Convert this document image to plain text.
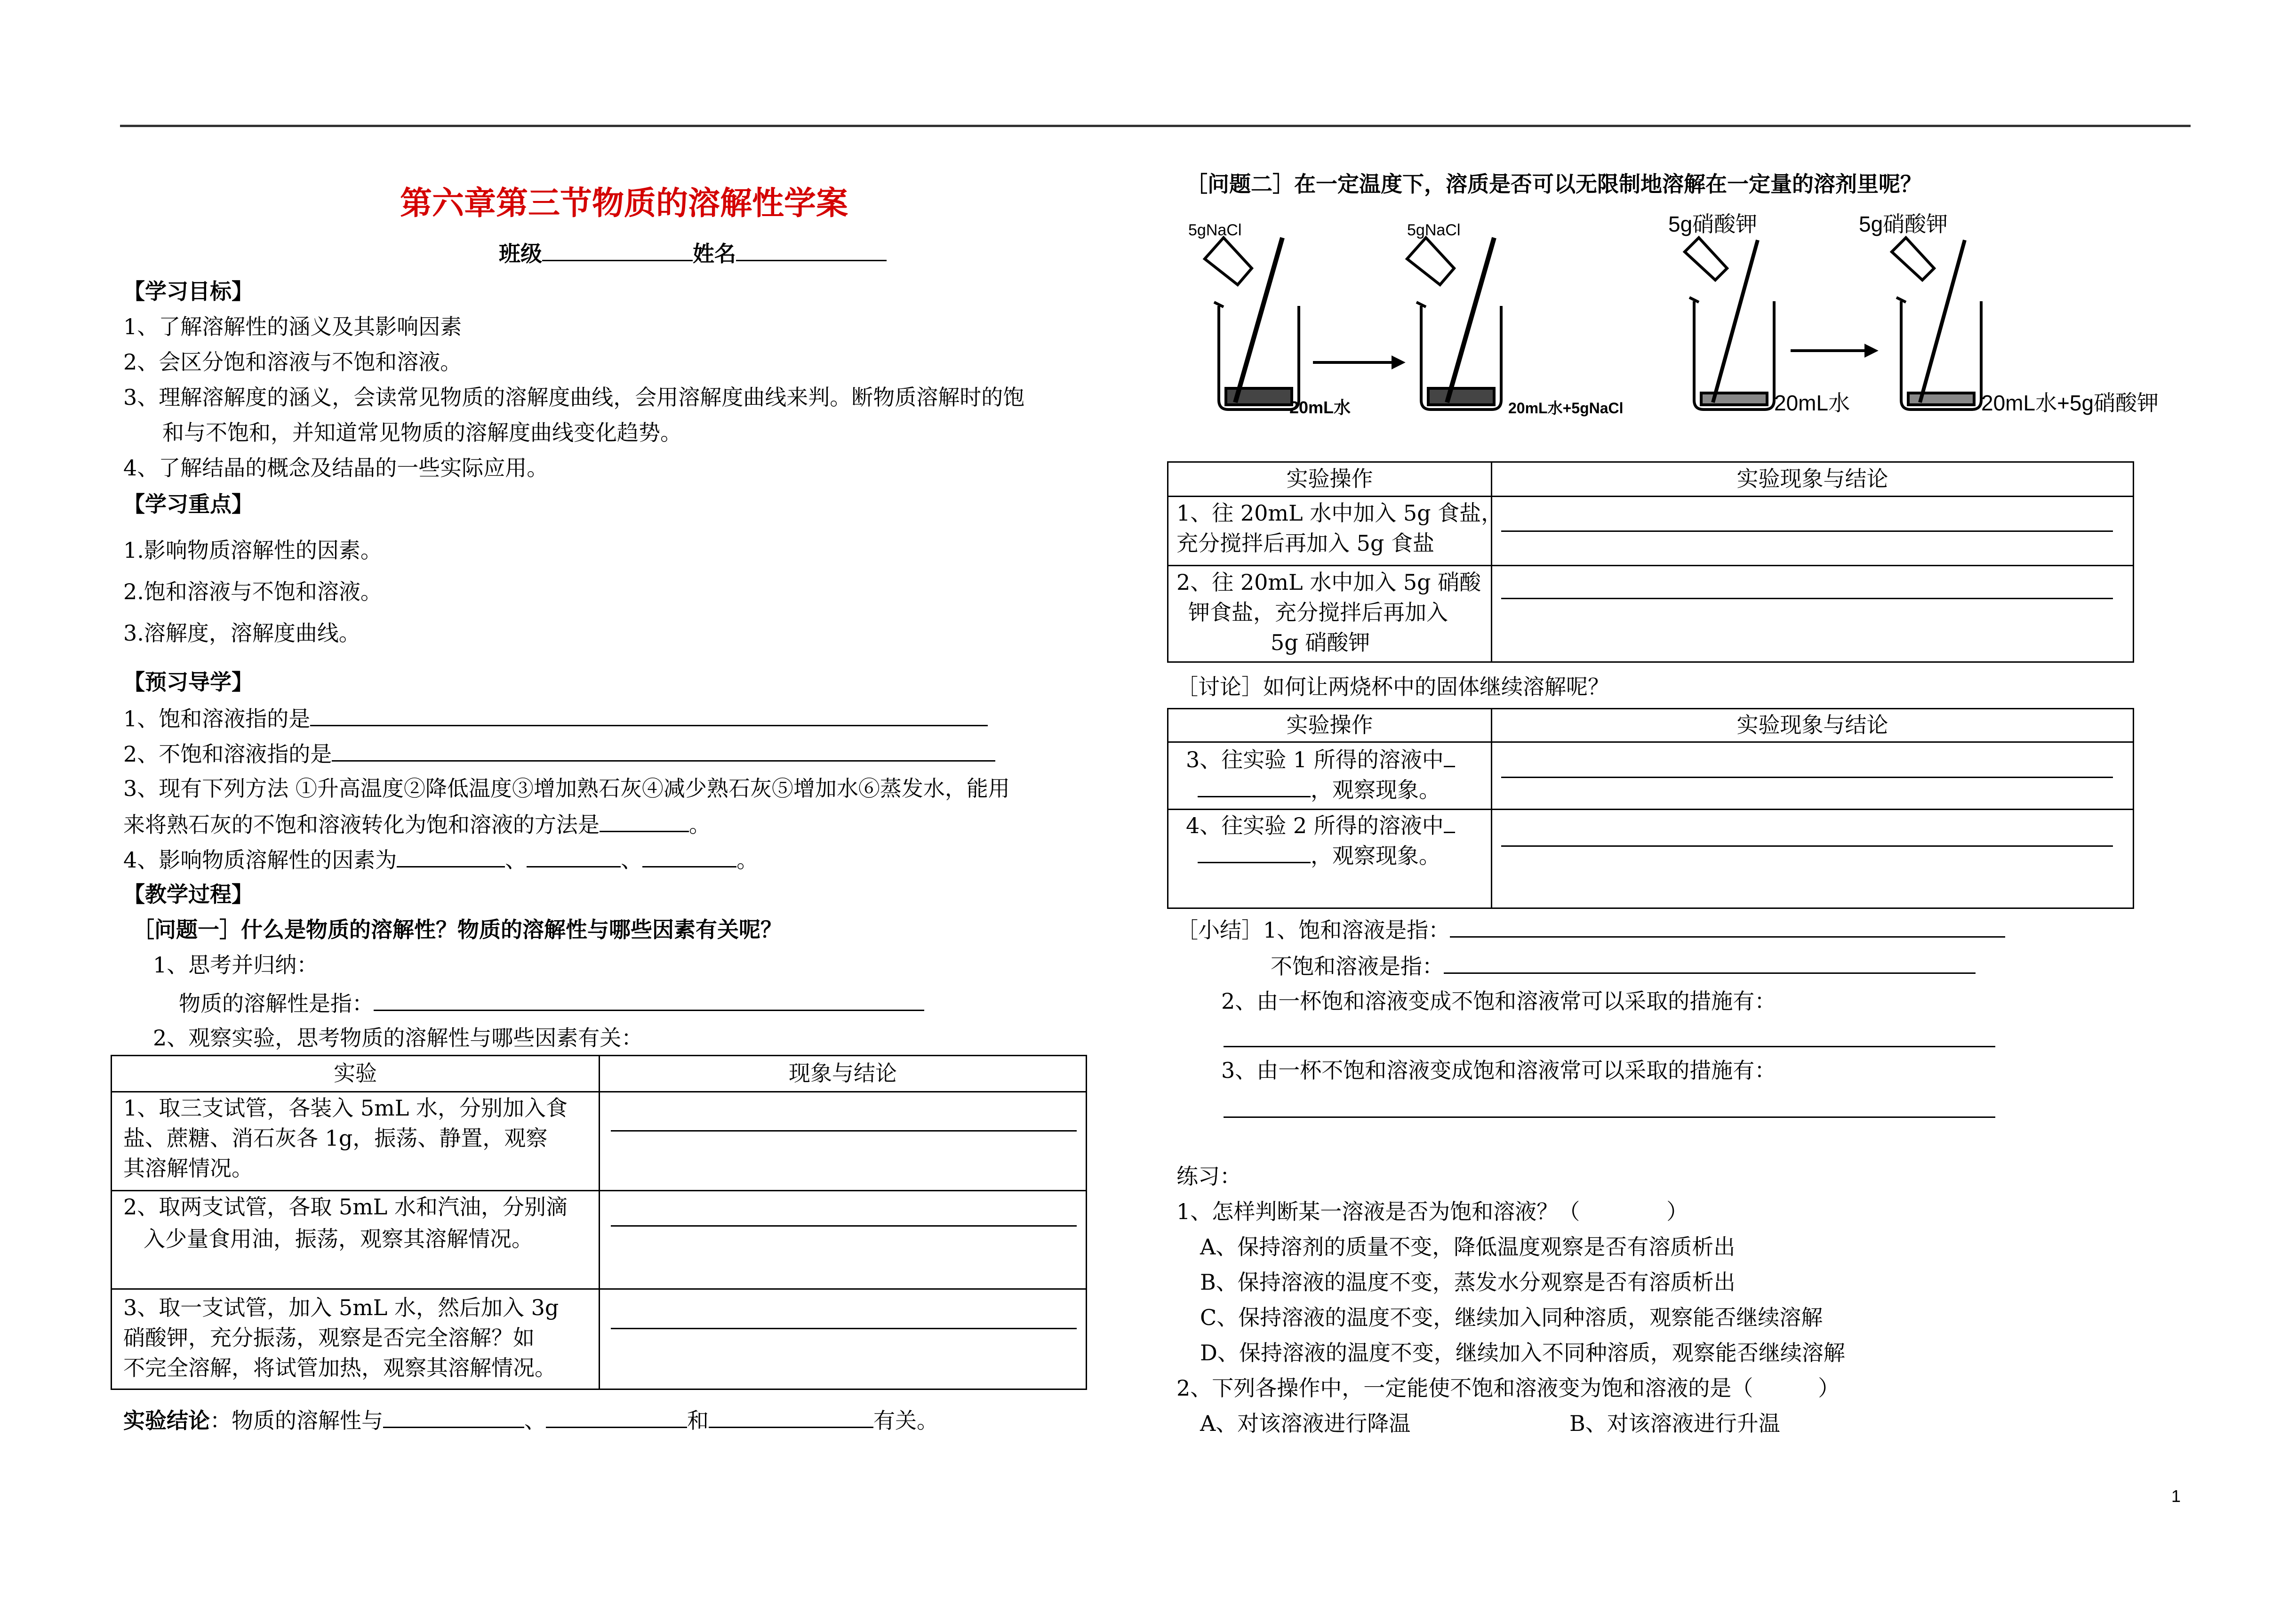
第六章第三节物质的溶解性学案
班级	姓名
【学习目标】
1、了解溶解性的涵义及其影响因素
2、会区分饱和溶液与不饱和溶液。
3、理解溶解度的涵义，会读常见物质的溶解度曲线，会用溶解度曲线来判。断物质溶解时的饱
和与不饱和，并知道常见物质的溶解度曲线变化趋势。
4、了解结晶的概念及结晶的一些实际应用。
【学习重点】
1.影响物质溶解性的因素。
2.饱和溶液与不饱和溶液。
3.溶解度，溶解度曲线。
【预习导学】
1、饱和溶液指的是
2、不饱和溶液指的是
3、现有下列方法 ①升高温度②降低温度③增加熟石灰④减少熟石灰⑤增加水⑥蒸发水，能用
来将熟石灰的不饱和溶液转化为饱和溶液的方法是	。
4、影响物质溶解性的因素为	、	、	。
【教学过程】
［问题一］什么是物质的溶解性？物质的溶解性与哪些因素有关呢？
1、思考并归纳：
物质的溶解性是指：
2、观察实验，思考物质的溶解性与哪些因素有关：
实验	现象与结论
1、取三支试管，各装入 5mL 水，分别加入食
盐、蔗糖、消石灰各 1g，振荡、静置，观察
其溶解情况。
2、取两支试管，各取 5mL 水和汽油，分别滴
入少量食用油，振荡，观察其溶解情况。
3、取一支试管，加入 5mL 水，然后加入 3g
硝酸钾，充分振荡，观察是否完全溶解？如
不完全溶解，将试管加热，观察其溶解情况。
实验结论：物质的溶解性与	、	和	有关。
［问题二］在一定温度下，溶质是否可以无限制地溶解在一定量的溶剂里呢？
5gNaCl	5gNaCl	5g硝酸钾	5g硝酸钾
20mL水	20mL水+5gNaCl	20mL水	20mL水+5g硝酸钾
实验操作	实验现象与结论
1、往 20mL 水中加入 5g 食盐，
充分搅拌后再加入 5g 食盐
2、往 20mL 水中加入 5g 硝酸
钾食盐，充分搅拌后再加入
5g 硝酸钾
［讨论］如何让两烧杯中的固体继续溶解呢？
实验操作	实验现象与结论
3、往实验 1 所得的溶液中
，观察现象。
4、往实验 2 所得的溶液中
，观察现象。
［小结］1、饱和溶液是指：
不饱和溶液是指：
2、由一杯饱和溶液变成不饱和溶液常可以采取的措施有：
3、由一杯不饱和溶液变成饱和溶液常可以采取的措施有：
练习：
1、怎样判断某一溶液是否为饱和溶液？（　　　　）
A、保持溶剂的质量不变，降低温度观察是否有溶质析出
B、保持溶液的温度不变，蒸发水分观察是否有溶质析出
C、保持溶液的温度不变，继续加入同种溶质，观察能否继续溶解
D、保持溶液的温度不变，继续加入不同种溶质，观察能否继续溶解
2、下列各操作中，一定能使不饱和溶液变为饱和溶液的是（　　　）
A、对该溶液进行降温	B、对该溶液进行升温
1
